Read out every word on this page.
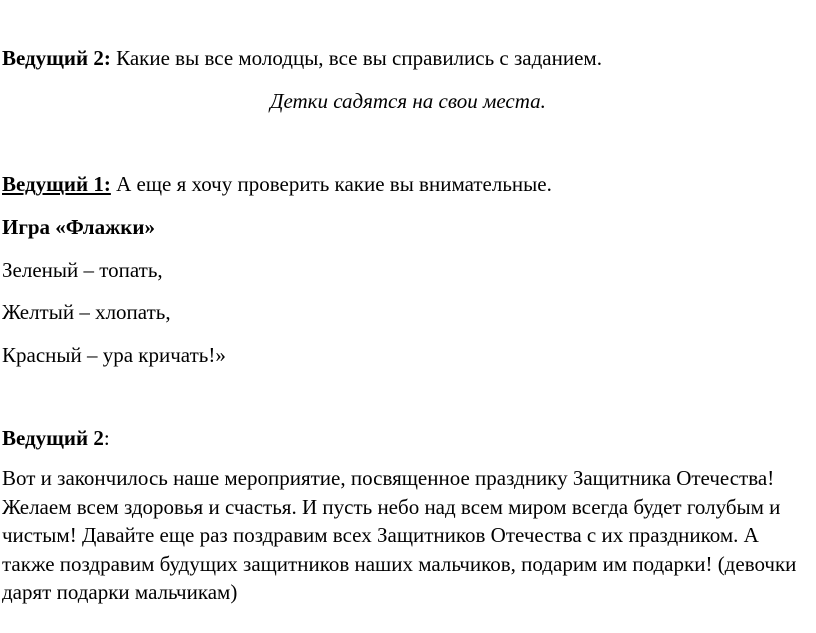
Ведущий 2: Какие вы все молодцы, все вы справились с заданием.
Детки садятся на свои места.
Ведущий 1: А еще я хочу проверить какие вы внимательные.
Игра «Флажки»
Зеленый – топать,
Желтый – хлопать,
Красный – ура кричать!»
Ведущий 2:
Вот и закончилось наше мероприятие, посвященное празднику Защитника Отечества! Желаем всем здоровья и счастья. И пусть небо над всем миром всегда будет голубым и чистым! Давайте еще раз поздравим всех Защитников Отечества с их праздником. А также поздравим будущих защитников наших мальчиков, подарим им подарки! (девочки дарят подарки мальчикам)
